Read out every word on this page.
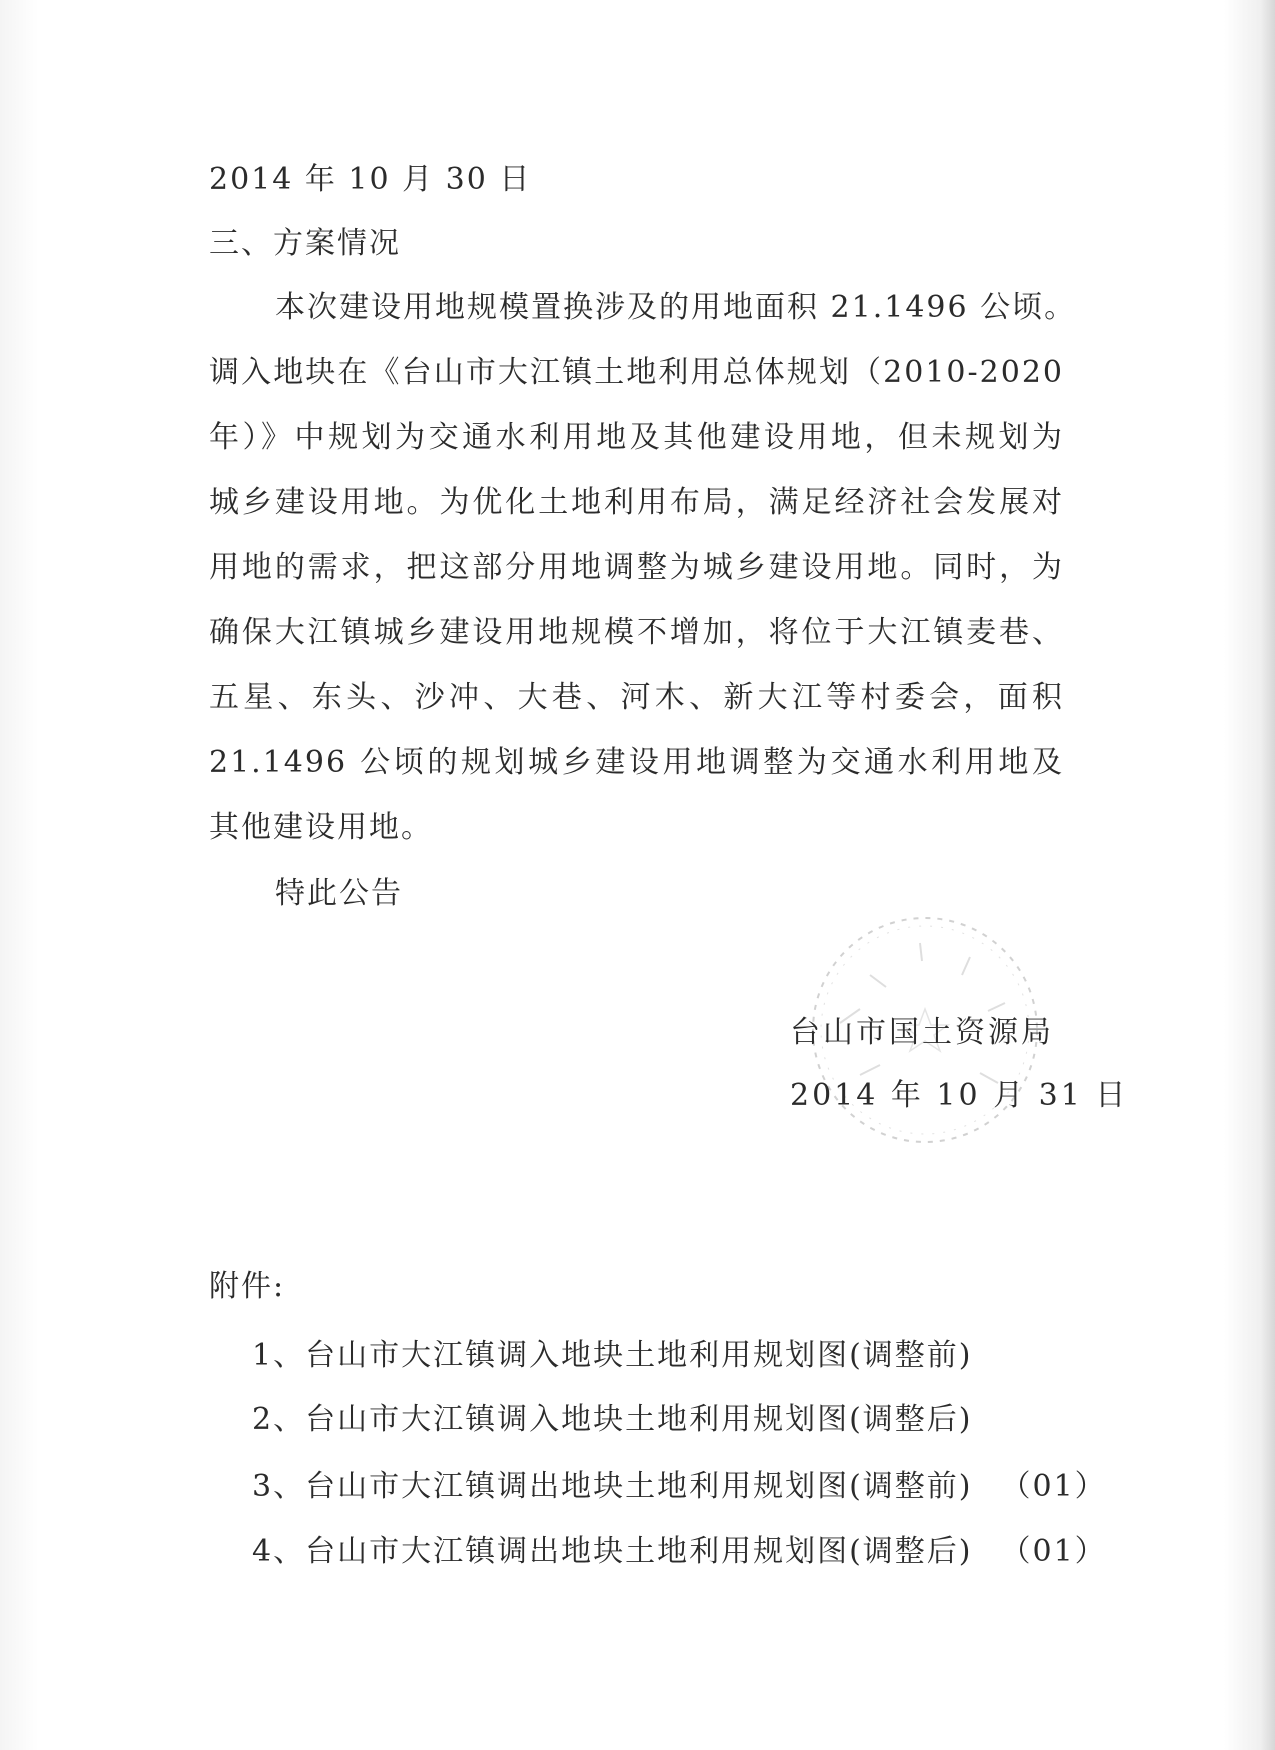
2014 年 10 月 30 日
三、方案情况
本次建设用地规模置换涉及的用地面积 21.1496 公顷。
调入地块在《台山市大江镇土地利用总体规划（2010-2020
年）》中规划为交通水利用地及其他建设用地，但未规划为
城乡建设用地。为优化土地利用布局，满足经济社会发展对
用地的需求，把这部分用地调整为城乡建设用地。同时，为
确保大江镇城乡建设用地规模不增加，将位于大江镇麦巷、
五星、东头、沙冲、大巷、河木、新大江等村委会，面积
21.1496 公顷的规划城乡建设用地调整为交通水利用地及
其他建设用地。
特此公告
台山市国土资源局
2014 年 10 月 31 日
附件:
1、台山市大江镇调入地块土地利用规划图(调整前)
2、台山市大江镇调入地块土地利用规划图(调整后)
3、台山市大江镇调出地块土地利用规划图(调整前) （01）
4、台山市大江镇调出地块土地利用规划图(调整后) （01）
